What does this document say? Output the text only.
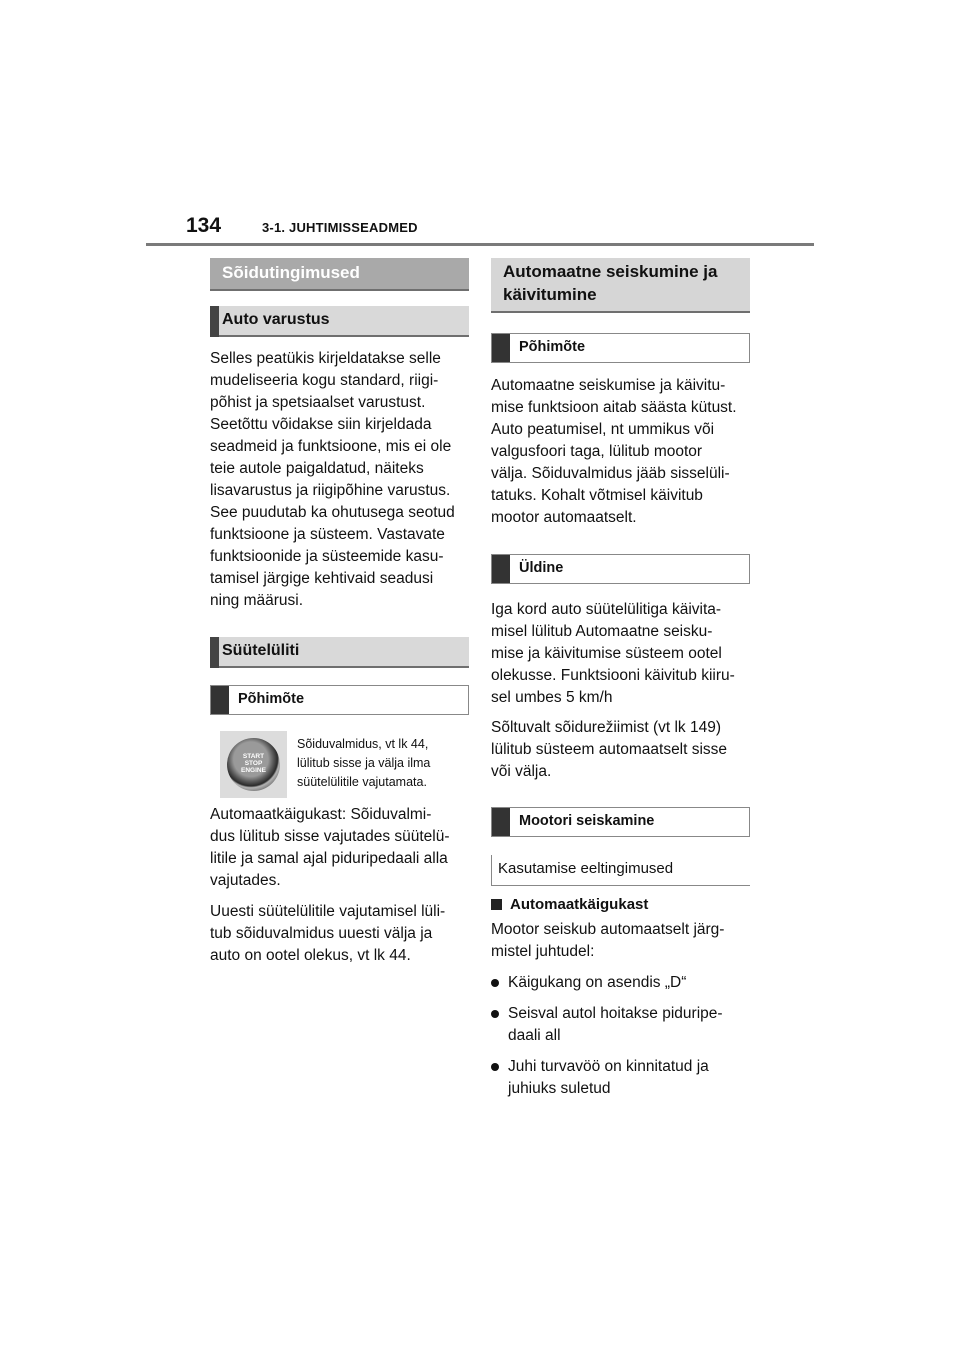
134	3-1. JUHTIMISSEADMED
Sõidutingimused
Auto varustus
Selles peatükis kirjeldatakse selle
mudeliseeria kogu standard, riigi-
põhist ja spetsiaalset varustust.
Seetõttu võidakse siin kirjeldada
seadmeid ja funktsioone, mis ei ole
teie autole paigaldatud, näiteks
lisavarustus ja riigipõhine varustus.
See puudutab ka ohutusega seotud
funktsioone ja süsteem. Vastavate
funktsioonide ja süsteemide kasu-
tamisel järgige kehtivaid seadusi
ning määrusi.
Süütelüliti
Põhimõte
START
STOP
ENGINE
Sõiduvalmidus, vt lk 44,
lülitub sisse ja välja ilma
süütelülitile vajutamata.
Automaatkäigukast: Sõiduvalmi-
dus lülitub sisse vajutades süütelü-
litile ja samal ajal piduripedaali alla
vajutades.
Uuesti süütelülitile vajutamisel lüli-
tub sõiduvalmidus uuesti välja ja
auto on ootel olekus, vt lk 44.
Automaatne seiskumine ja
käivitumine
Põhimõte
Automaatne seiskumise ja käivitu-
mise funktsioon aitab säästa kütust.
Auto peatumisel, nt ummikus või
valgusfoori taga, lülitub mootor
välja. Sõiduvalmidus jääb sisselüli-
tatuks. Kohalt võtmisel käivitub
mootor automaatselt.
Üldine
Iga kord auto süütelülitiga käivita-
misel lülitub Automaatne seisku-
mise ja käivitumise süsteem ootel
olekusse. Funktsiooni käivitub kiiru-
sel umbes 5 km/h
Sõltuvalt sõidurežiimist (vt lk 149)
lülitub süsteem automaatselt sisse
või välja.
Mootori seiskamine
Kasutamise eeltingimused
Automaatkäigukast
Mootor seiskub automaatselt järg-
mistel juhtudel:
Käigukang on asendis „D“
Seisval autol hoitakse piduripe-
daali all
Juhi turvavöö on kinnitatud ja
juhiuks suletud
